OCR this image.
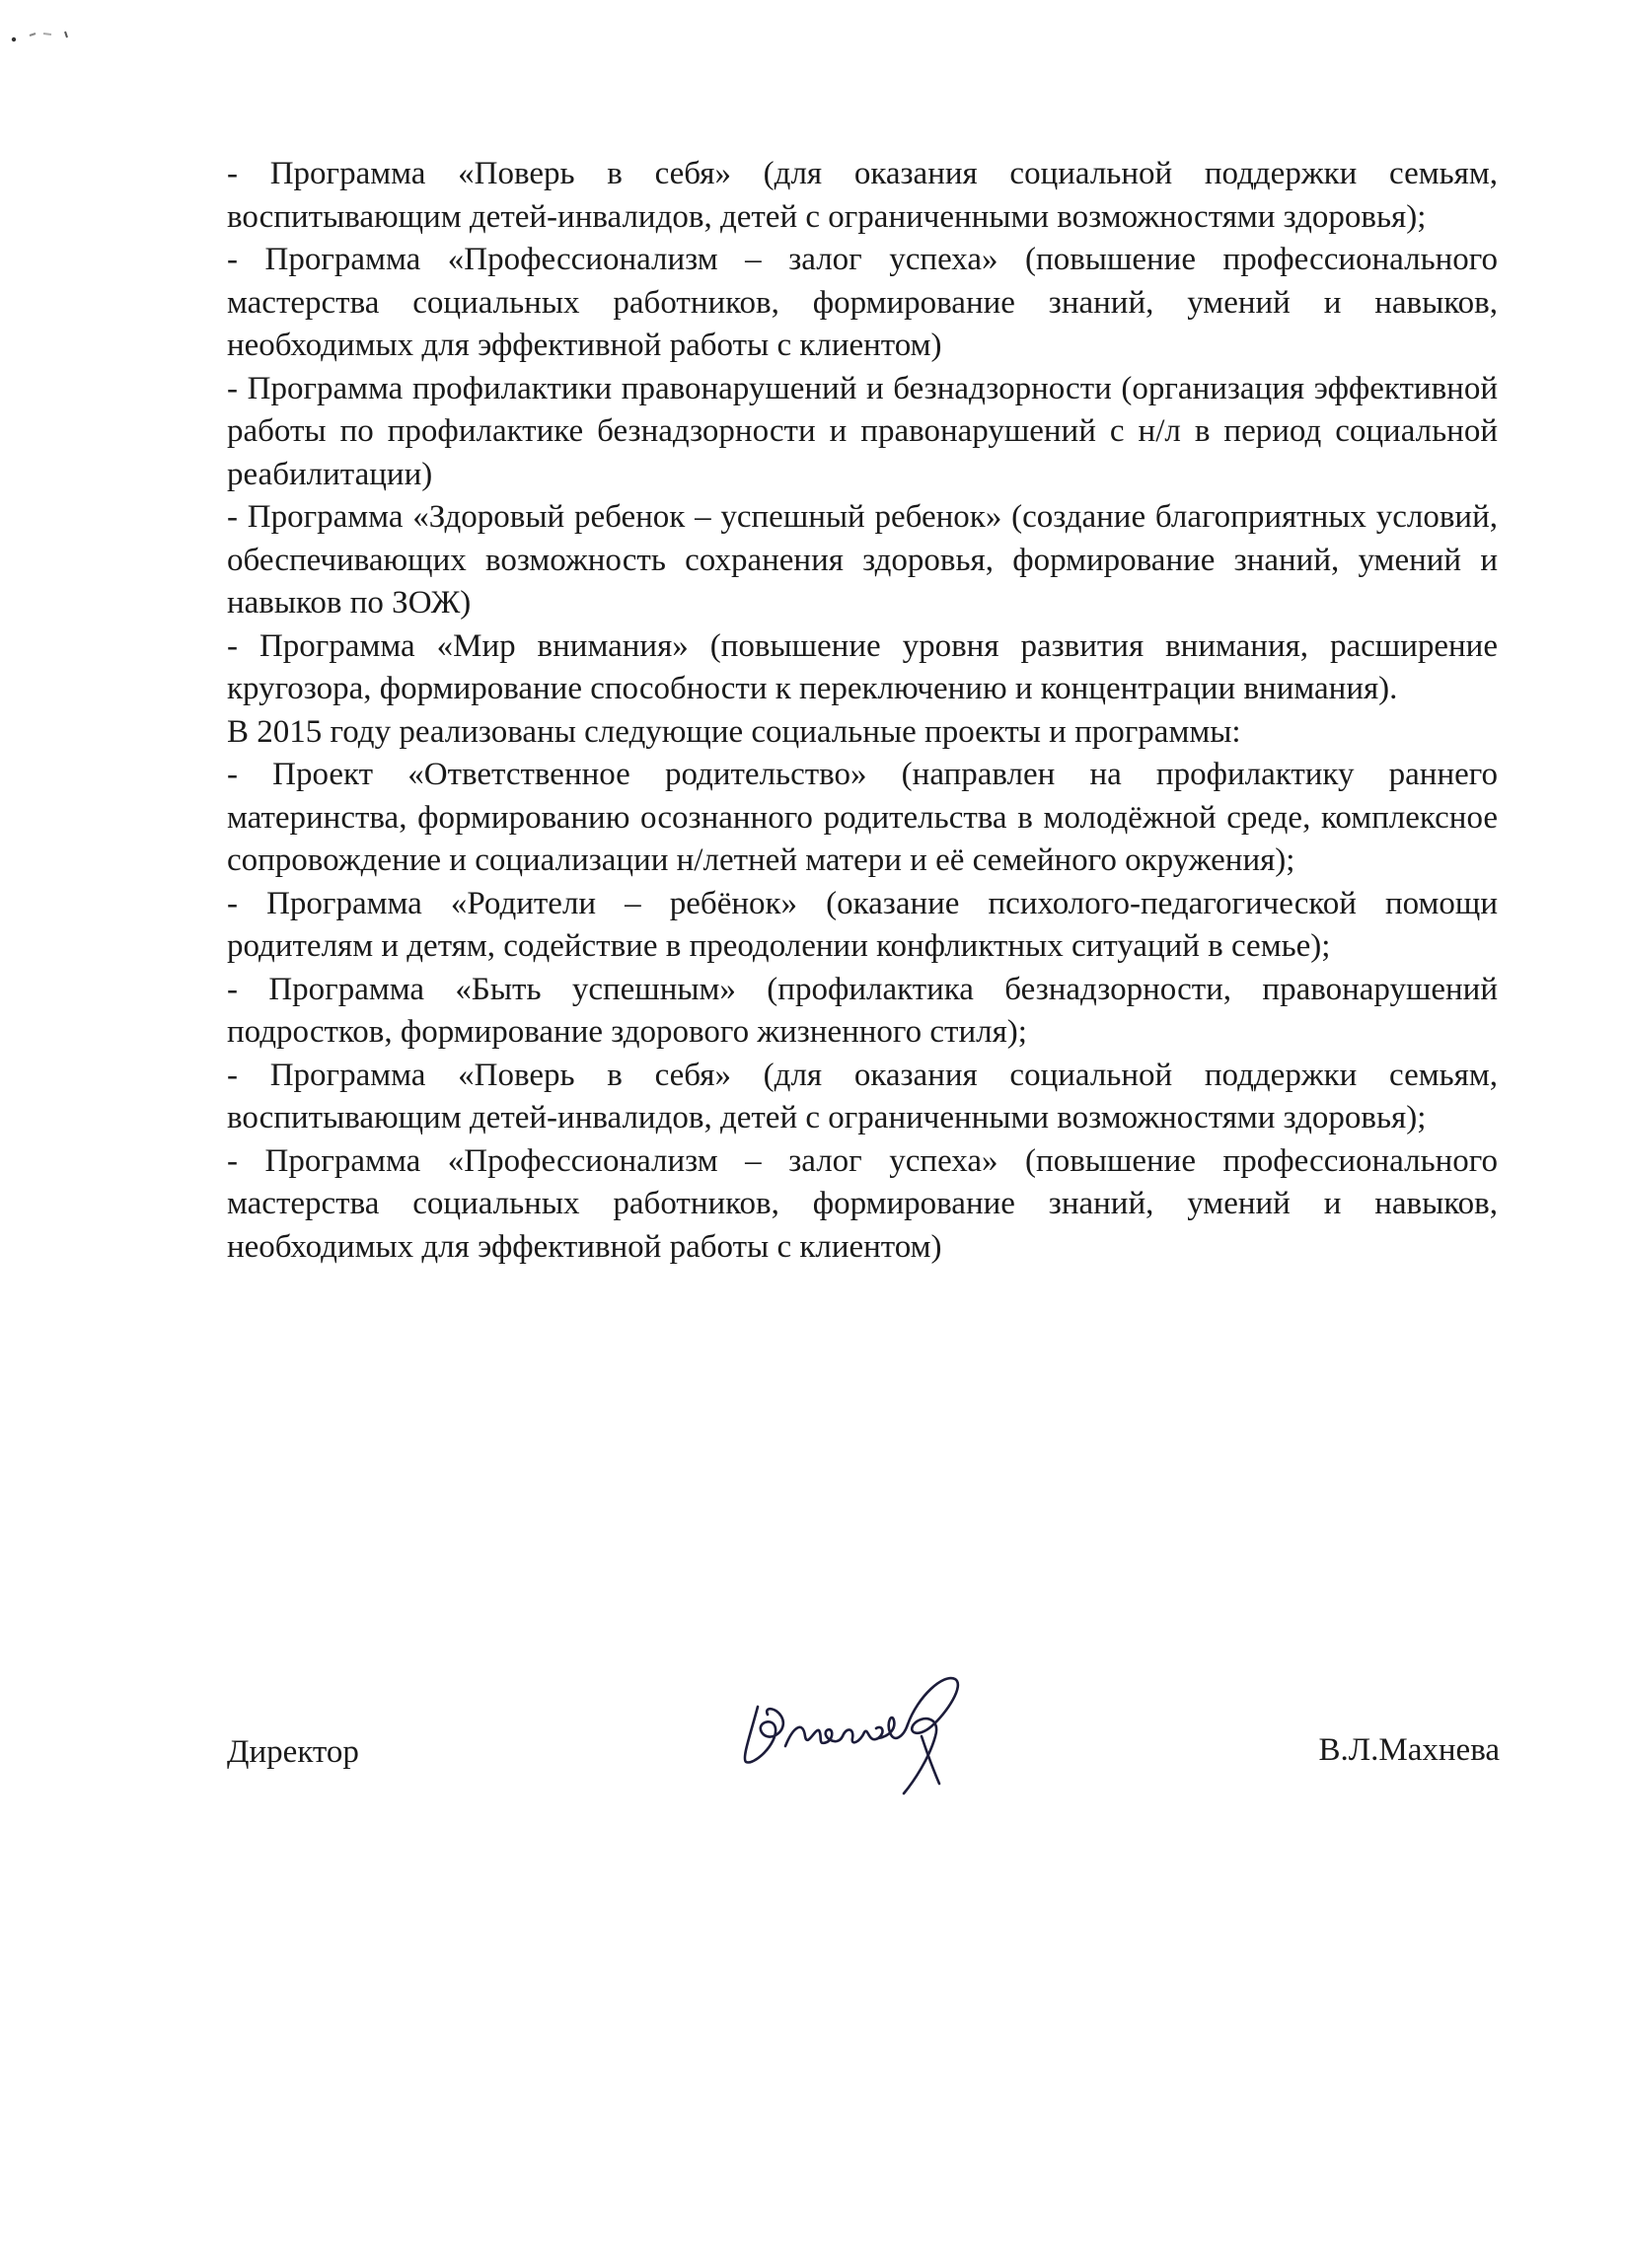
- Программа «Поверь в себя» (для оказания социальной поддержки семьям, воспитывающим детей-инвалидов, детей с ограниченными возможностями здоровья);

- Программа «Профессионализм – залог успеха» (повышение профессионального мастерства социальных работников, формирование знаний, умений и навыков, необходимых для эффективной работы с клиентом)

- Программа профилактики правонарушений и безнадзорности (организация эффективной работы по профилактике безнадзорности и правонарушений с н/л в период социальной реабилитации)

- Программа «Здоровый ребенок – успешный ребенок» (создание благоприятных условий, обеспечивающих возможность сохранения здоровья, формирование знаний, умений и навыков по ЗОЖ)

- Программа «Мир внимания» (повышение уровня развития внимания, расширение кругозора, формирование способности к переключению и концентрации внимания).

В 2015 году реализованы следующие социальные проекты и программы:

- Проект «Ответственное родительство» (направлен на профилактику раннего материнства, формированию осознанного родительства в молодёжной среде, комплексное сопровождение и социализации н/летней матери и её семейного окружения);

- Программа «Родители – ребёнок» (оказание психолого-педагогической помощи родителям и детям, содействие в преодолении конфликтных ситуаций в семье);

- Программа «Быть успешным» (профилактика безнадзорности, правонарушений подростков, формирование здорового жизненного стиля);

- Программа «Поверь в себя» (для оказания социальной поддержки семьям, воспитывающим детей-инвалидов, детей с ограниченными возможностями здоровья);

- Программа «Профессионализм – залог успеха» (повышение профессионального мастерства социальных работников, формирование знаний, умений и навыков, необходимых для эффективной работы с клиентом)

Директор	В.Л.Махнева
